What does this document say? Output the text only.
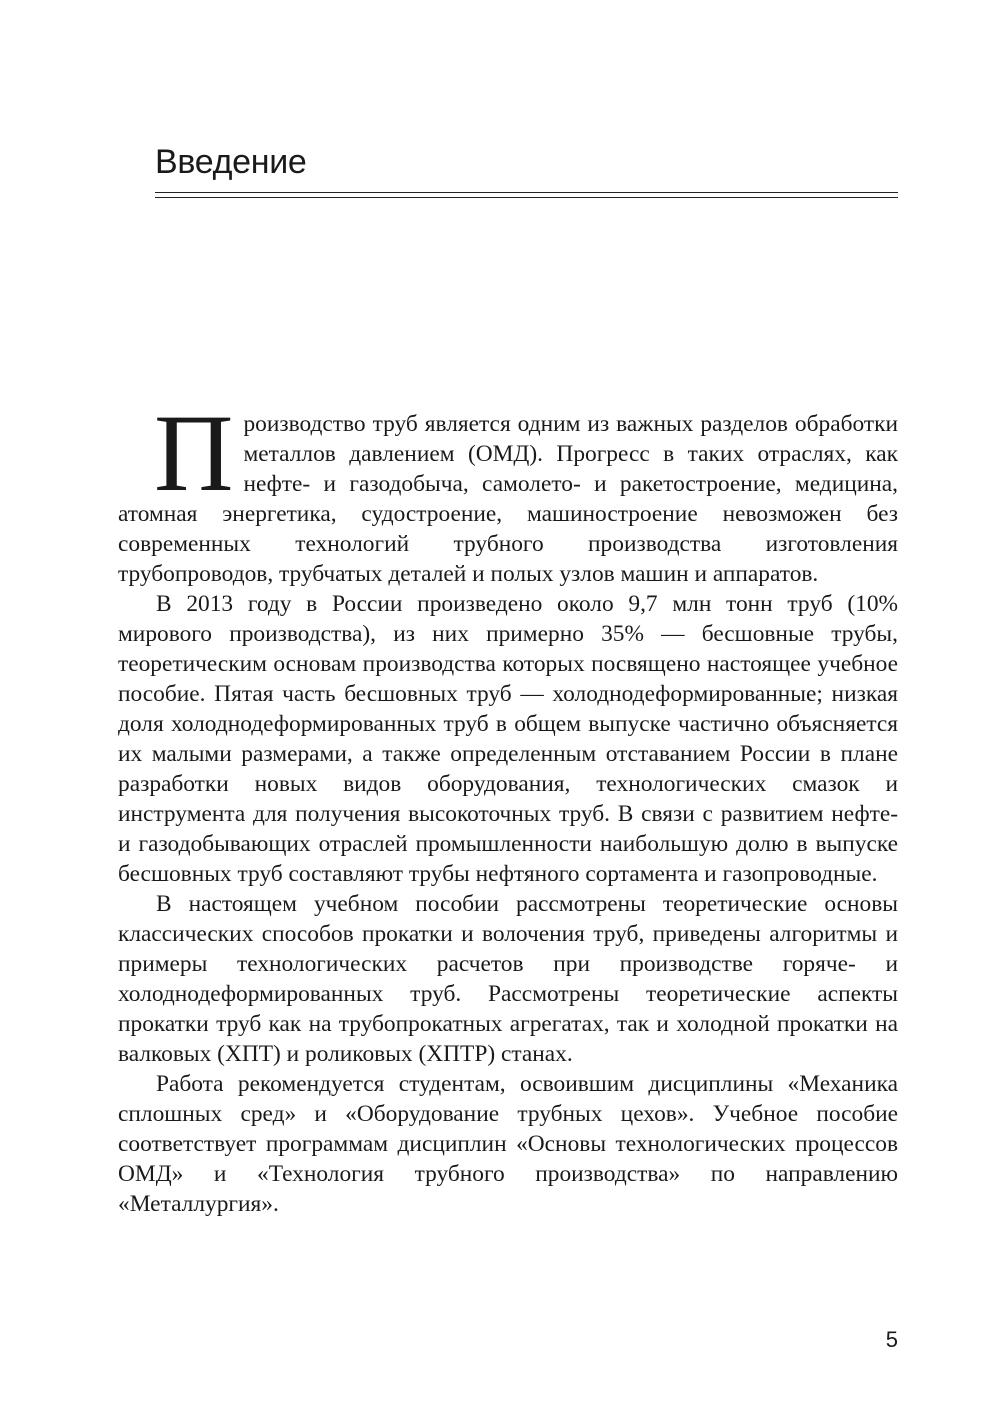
Введение

Производство труб является одним из важных разделов обработки металлов давлением (ОМД). Прогресс в таких отраслях, как нефте- и газодобыча, самолето- и ракетостроение, медицина, атомная энергетика, судостроение, машиностроение невозможен без современных технологий трубного производства изготовления трубопроводов, трубчатых деталей и полых узлов машин и аппаратов.

В 2013 году в России произведено около 9,7 млн тонн труб (10% мирового производства), из них примерно 35% — бесшовные трубы, теоретическим основам производства которых посвящено настоящее учебное пособие. Пятая часть бесшовных труб — холоднодеформированные; низкая доля холоднодеформированных труб в общем выпуске частично объясняется их малыми размерами, а также определенным отставанием России в плане разработки новых видов оборудования, технологических смазок и инструмента для получения высокоточных труб. В связи с развитием нефте- и газодобывающих отраслей промышленности наибольшую долю в выпуске бесшовных труб составляют трубы нефтяного сортамента и газопроводные.

В настоящем учебном пособии рассмотрены теоретические основы классических способов прокатки и волочения труб, приведены алгоритмы и примеры технологических расчетов при производстве горяче- и холоднодеформированных труб. Рассмотрены теоретические аспекты прокатки труб как на трубопрокатных агрегатах, так и холодной прокатки на валковых (ХПТ) и роликовых (ХПТР) станах.

Работа рекомендуется студентам, освоившим дисциплины «Механика сплошных сред» и «Оборудование трубных цехов». Учебное пособие соответствует программам дисциплин «Основы технологических процессов ОМД» и «Технология трубного производства» по направлению «Металлургия».

5
